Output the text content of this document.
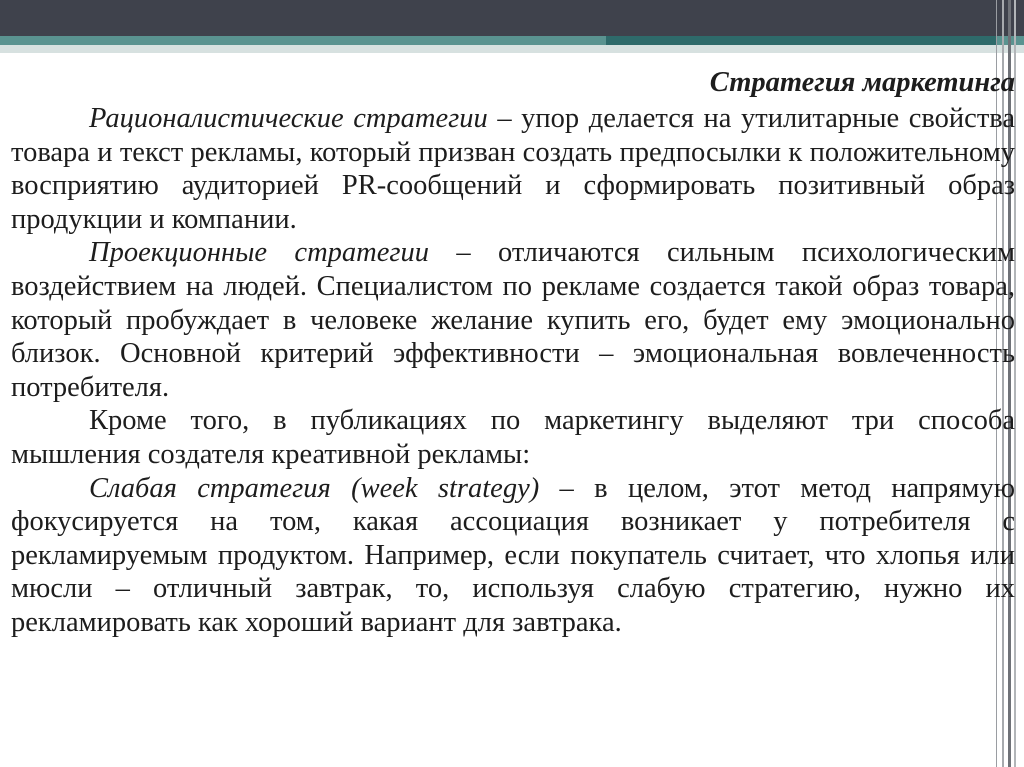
Стратегия маркетинга

Рационалистические стратегии – упор делается на утилитарные свойства товара и текст рекламы, который призван создать предпосылки к положительному восприятию аудиторией PR-сообщений и сформировать позитивный образ продукции и компании.

Проекционные стратегии – отличаются сильным психологическим воздействием на людей. Специалистом по рекламе создается такой образ товара, который пробуждает в человеке желание купить его, будет ему эмоционально близок. Основной критерий эффективности – эмоциональная вовлеченность потребителя.

Кроме того, в публикациях по маркетингу выделяют три способа мышления создателя креативной рекламы:

Слабая стратегия (week strategy) – в целом, этот метод напрямую фокусируется на том, какая ассоциация возникает у потребителя с рекламируемым продуктом. Например, если покупатель считает, что хлопья или мюсли – отличный завтрак, то, используя слабую стратегию, нужно их рекламировать как хороший вариант для завтрака.
